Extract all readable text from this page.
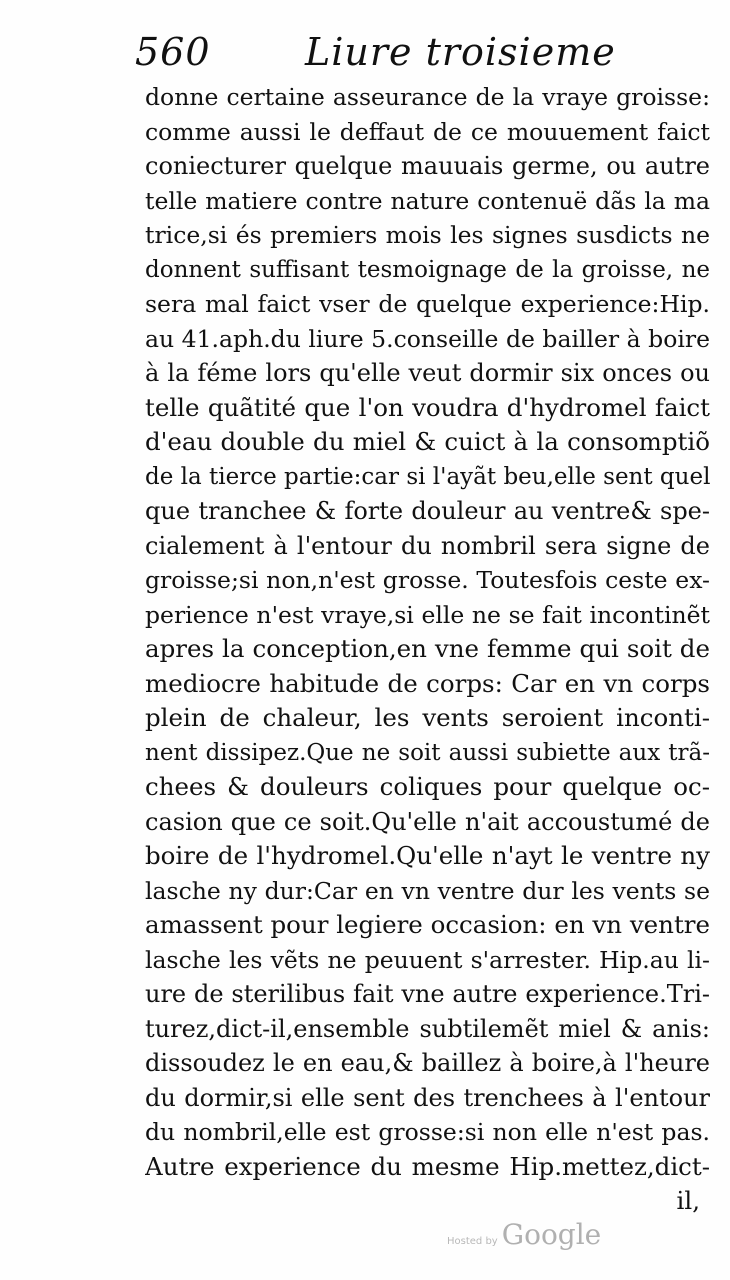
560 Liure troisieme
donne certaine asseurance de la vraye groisse:
comme aussi le deffaut de ce mouuement faict
coniecturer quelque mauuais germe, ou autre
telle matiere contre nature contenuë dãs la ma
trice,si és premiers mois les signes susdicts ne
donnent suffisant tesmoignage de la groisse, ne
sera mal faict vser de quelque experience:Hip.
au 41.aph.du liure 5.conseille de bailler à boire
à la féme lors qu'elle veut dormir six onces ou
telle quãtité que l'on voudra d'hydromel faict
d'eau double du miel & cuict à la consomptiõ
de la tierce partie:car si l'ayãt beu,elle sent quel
que tranchee & forte douleur au ventre& spe-
cialement à l'entour du nombril sera signe de
groisse;si non,n'est grosse. Toutesfois ceste ex-
perience n'est vraye,si elle ne se fait incontinẽt
apres la conception,en vne femme qui soit de
mediocre habitude de corps: Car en vn corps
plein de chaleur, les vents seroient inconti-
nent dissipez.Que ne soit aussi subiette aux trã-
chees & douleurs coliques pour quelque oc-
casion que ce soit.Qu'elle n'ait accoustumé de
boire de l'hydromel.Qu'elle n'ayt le ventre ny
lasche ny dur:Car en vn ventre dur les vents se
amassent pour legiere occasion: en vn ventre
lasche les vẽts ne peuuent s'arrester. Hip.au li-
ure de sterilibus fait vne autre experience.Tri-
turez,dict-il,ensemble subtilemẽt miel & anis:
dissoudez le en eau,& baillez à boire,à l'heure
du dormir,si elle sent des trenchees à l'entour
du nombril,elle est grosse:si non elle n'est pas.
Autre experience du mesme Hip.mettez,dict-
il,
Hosted by Google
